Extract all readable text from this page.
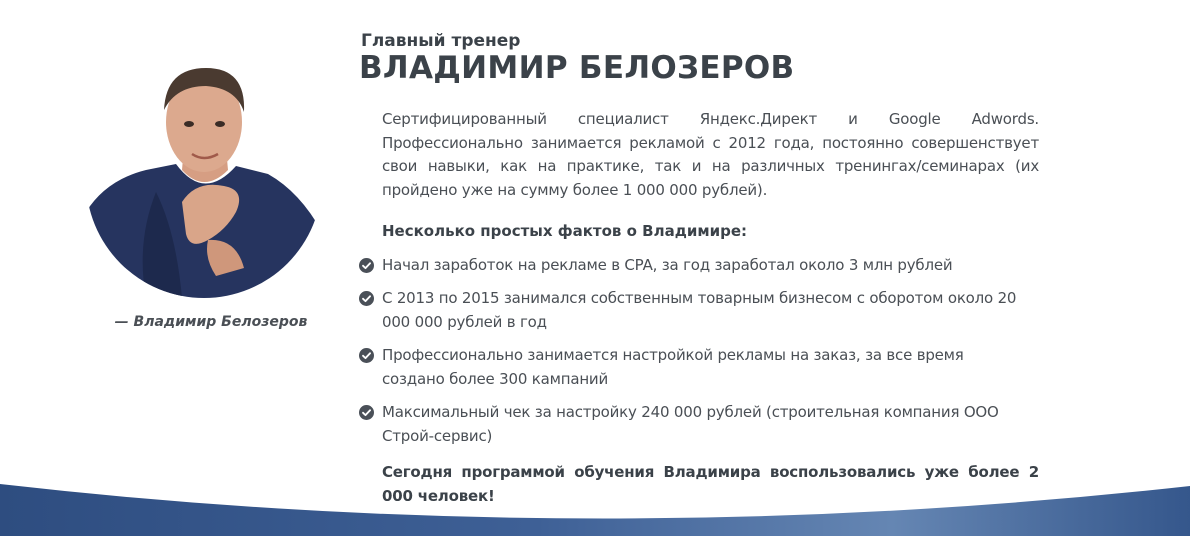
— Владимир Белозеров
Главный тренер
ВЛАДИМИР БЕЛОЗЕРОВ

Сертифицированный специалист Яндекс.Директ и Google Adwords. Профессионально занимается рекламой с 2012 года, постоянно совершенствует свои навыки, как на практике, так и на различных тренингах/семинарах (их пройдено уже на сумму более 1 000 000 рублей).

Несколько простых фактов о Владимире:

Начал заработок на рекламе в CPA, за год заработал около 3 млн рублей
С 2013 по 2015 занимался собственным товарным бизнесом с оборотом около 20 000 000 рублей в год
Профессионально занимается настройкой рекламы на заказ, за все время создано более 300 кампаний
Максимальный чек за настройку 240 000 рублей (строительная компания ООО Строй-сервис)

Сегодня программой обучения Владимира воспользовались уже более 2 000 человек!
